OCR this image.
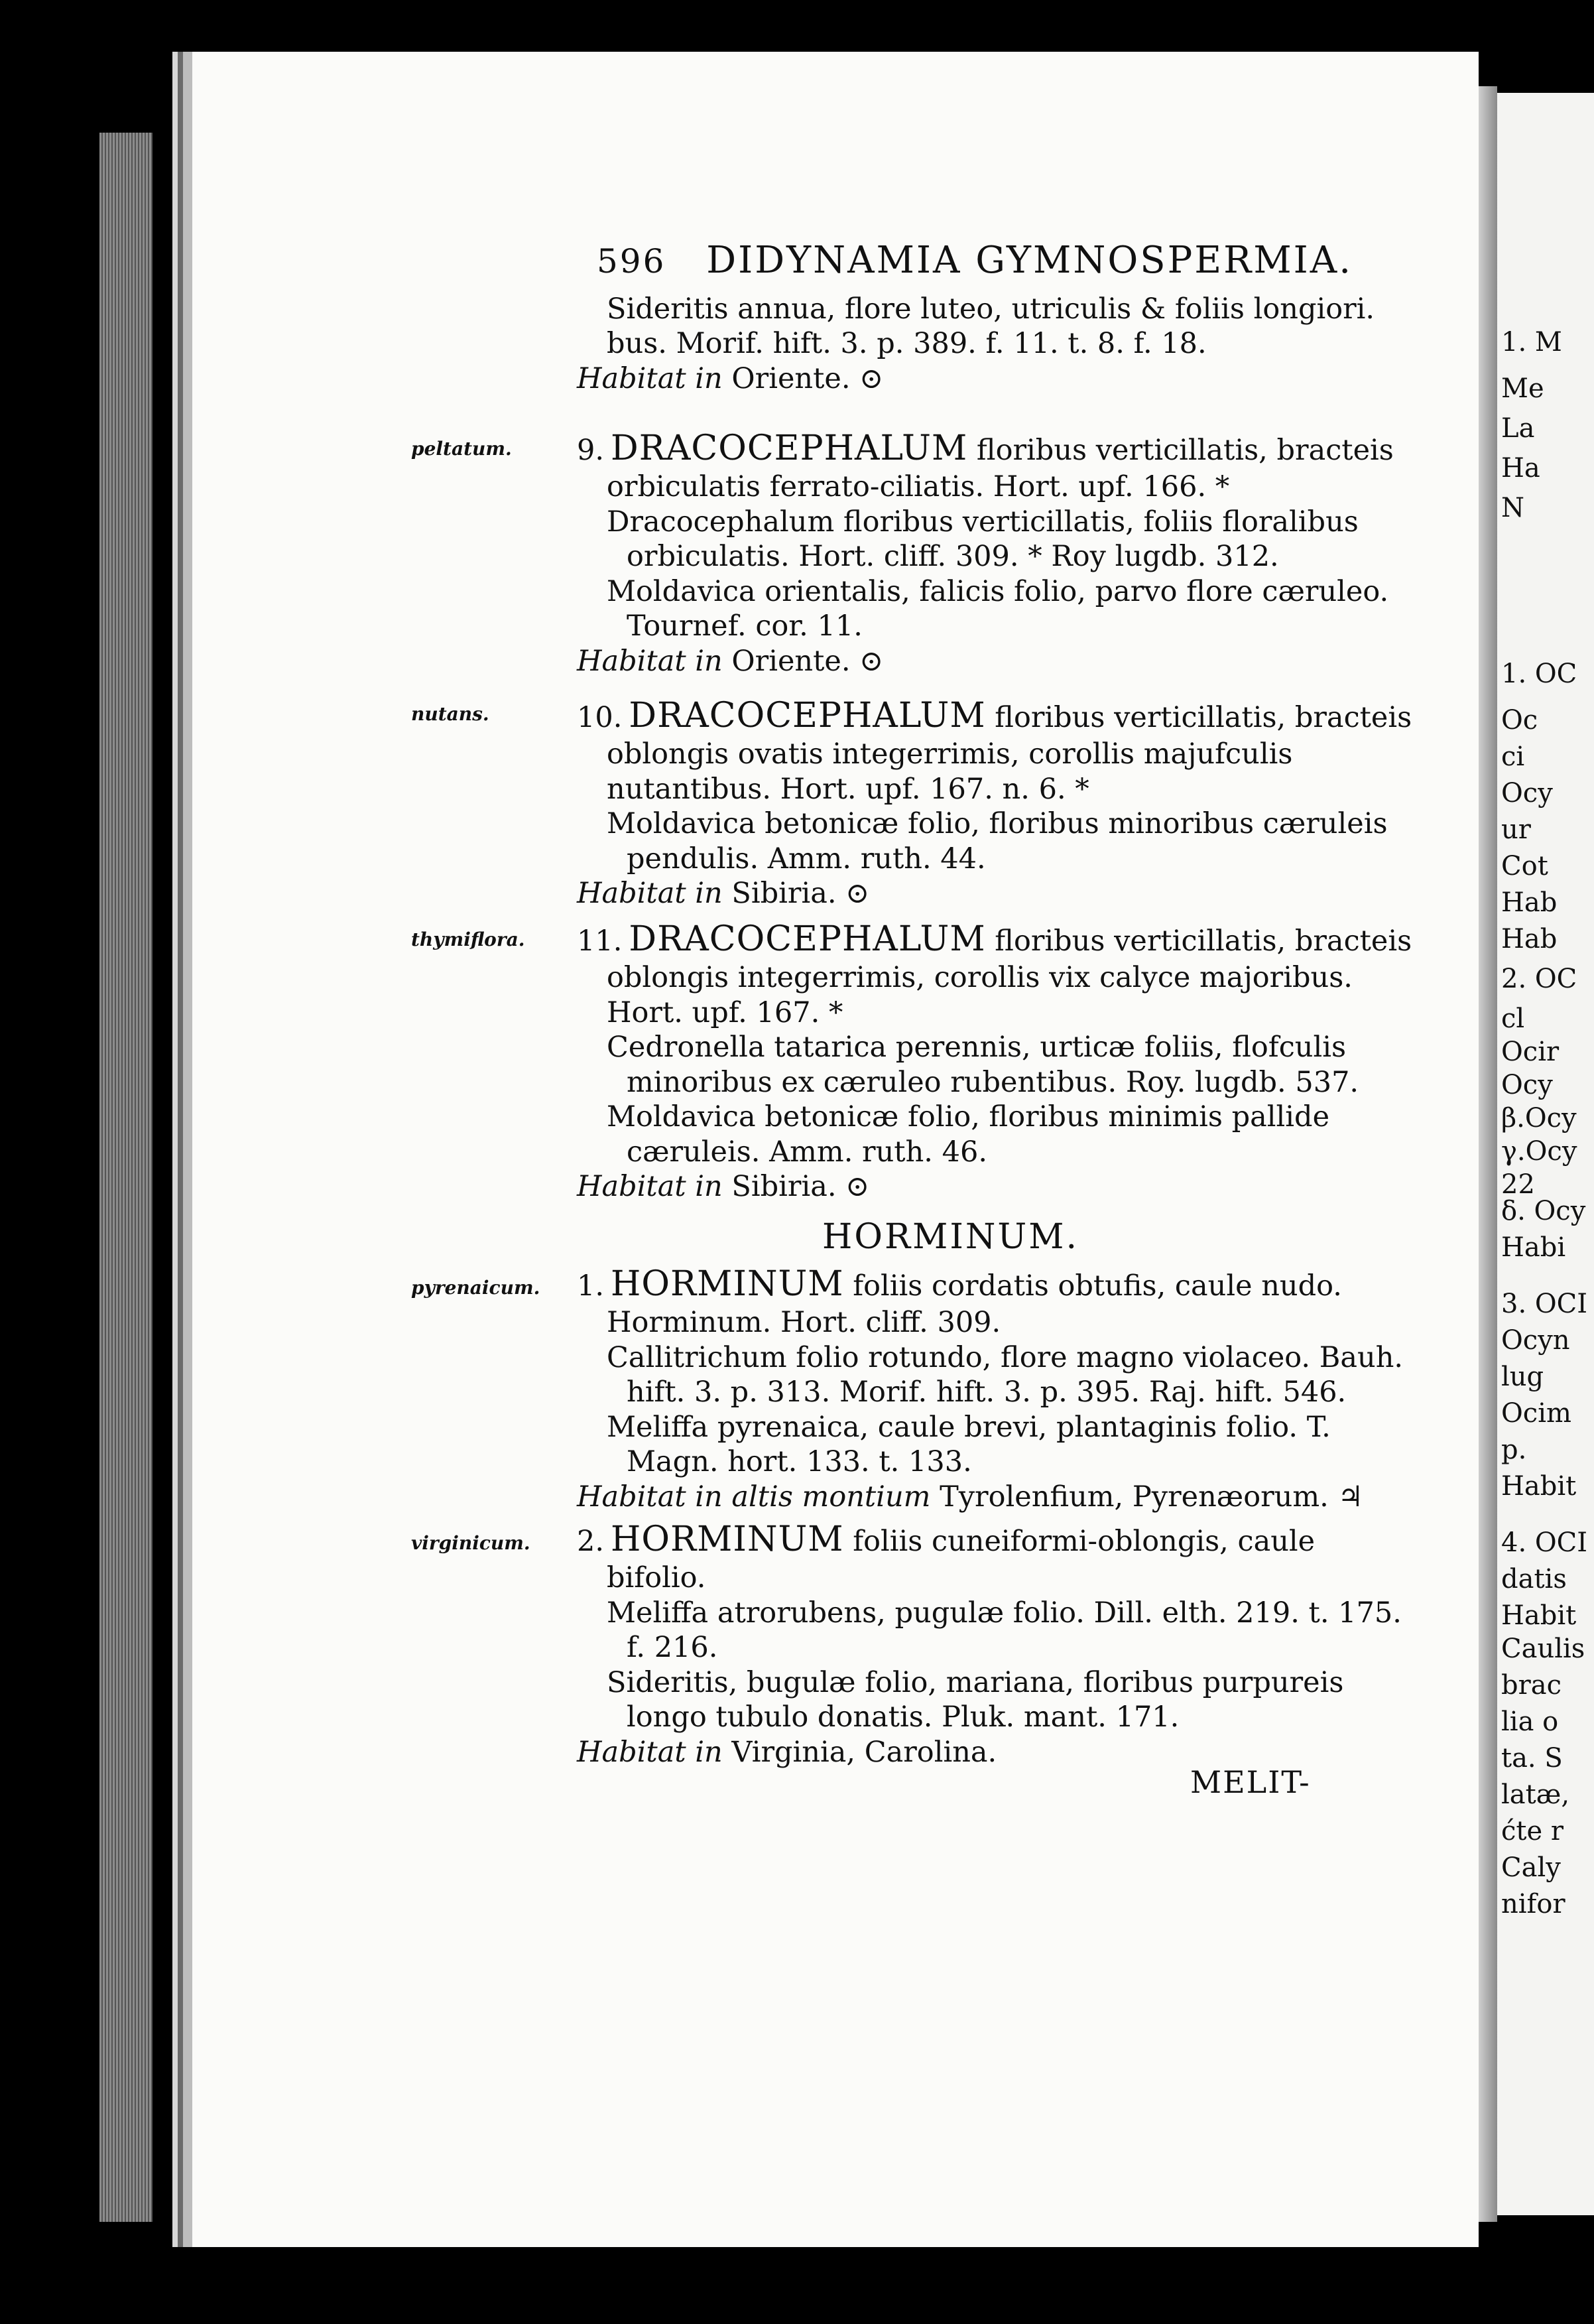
1. M
Me
La
Ha
N
1. OC
Oc
ci
Ocy
ur
Cot
Hab
Hab
2. OC
cl
Ocir
Ocy
β.Ocy
γ.Ocy
22
δ. Ocy
Habi
3. OCI
Ocyn
lug
Ocim
p.
Habit
4. OCI
datis
Habit
Caulis
brac
lia o
ta. S
latæ,
ćte r
Caly
nifor
596 DIDYNAMIA GYMNOSPERMIA.

Sideritis annua, flore luteo, utriculis & foliis longiori.

bus. Morif. hift. 3. p. 389. f. 11. t. 8. f. 18.

Habitat in Oriente. ⊙

peltatum.	9. DRACOCEPHALUM floribus verticillatis, bracteis orbiculatis ferrato-ciliatis. Hort. upf. 166. *

Dracocephalum floribus verticillatis, foliis floralibus orbiculatis. Hort. cliff. 309. * Roy lugdb. 312.

Moldavica orientalis, falicis folio, parvo flore cæruleo. Tournef. cor. 11.

Habitat in Oriente. ⊙

nutans.	10. DRACOCEPHALUM floribus verticillatis, bracteis oblongis ovatis integerrimis, corollis majufculis nutantibus. Hort. upf. 167. n. 6. *

Moldavica betonicæ folio, floribus minoribus cæruleis pendulis. Amm. ruth. 44.

Habitat in Sibiria. ⊙

thymiflora.	11. DRACOCEPHALUM floribus verticillatis, bracteis oblongis integerrimis, corollis vix calyce majoribus. Hort. upf. 167. *

Cedronella tatarica perennis, urticæ foliis, flofculis minoribus ex cæruleo rubentibus. Roy. lugdb. 537.

Moldavica betonicæ folio, floribus minimis pallide cæruleis. Amm. ruth. 46.

Habitat in Sibiria. ⊙

HORMINUM.
pyrenaicum.	1. HORMINUM foliis cordatis obtufis, caule nudo.

Horminum. Hort. cliff. 309.

Callitrichum folio rotundo, flore magno violaceo. Bauh. hift. 3. p. 313. Morif. hift. 3. p. 395. Raj. hift. 546.

Meliffa pyrenaica, caule brevi, plantaginis folio. T. Magn. hort. 133. t. 133.

Habitat in altis montium Tyrolenfium, Pyrenæorum. ♃

virginicum.	2. HORMINUM foliis cuneiformi-oblongis, caule bifolio.

Meliffa atrorubens, pugulæ folio. Dill. elth. 219. t. 175. f. 216.

Sideritis, bugulæ folio, mariana, floribus purpureis longo tubulo donatis. Pluk. mant. 171.

Habitat in Virginia, Carolina.

MELIT-
